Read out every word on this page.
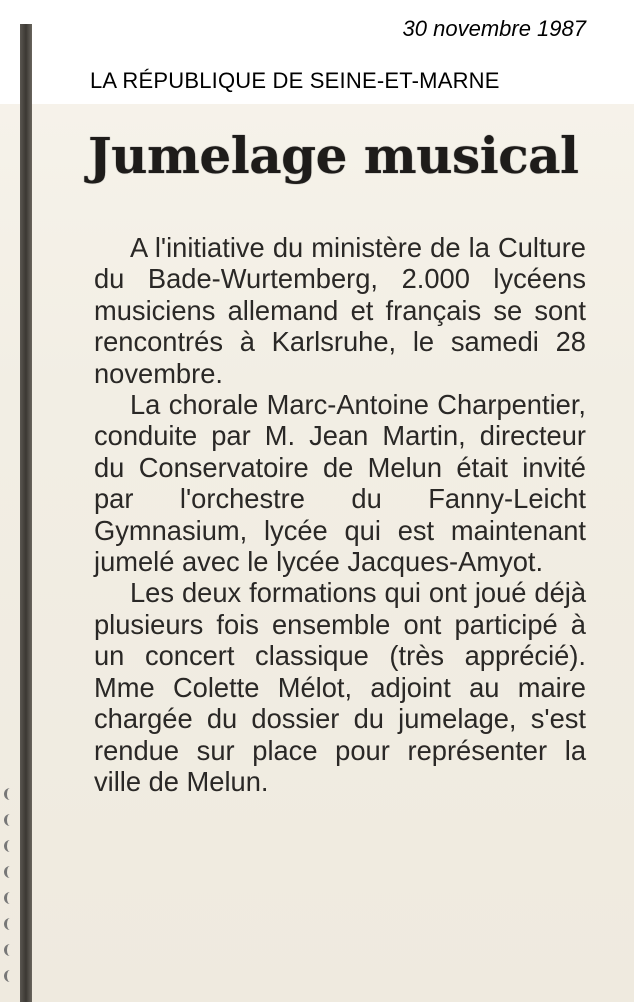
30 novembre 1987
LA RÉPUBLIQUE DE SEINE-ET-MARNE
Jumelage musical

A l'initiative du ministère de la Culture du Bade-Wurtemberg, 2.000 lycéens musiciens allemand et français se sont rencontrés à Karlsruhe, le samedi 28 novembre.

La chorale Marc-Antoine Charpentier, conduite par M. Jean Martin, directeur du Conservatoire de Melun était invité par l'orchestre du Fanny-Leicht Gymnasium, lycée qui est maintenant jumelé avec le lycée Jacques-Amyot.

Les deux formations qui ont joué déjà plusieurs fois ensemble ont participé à un concert classique (très apprécié). Mme Colette Mélot, adjoint au maire chargée du dossier du jumelage, s'est rendue sur place pour représenter la ville de Melun.
